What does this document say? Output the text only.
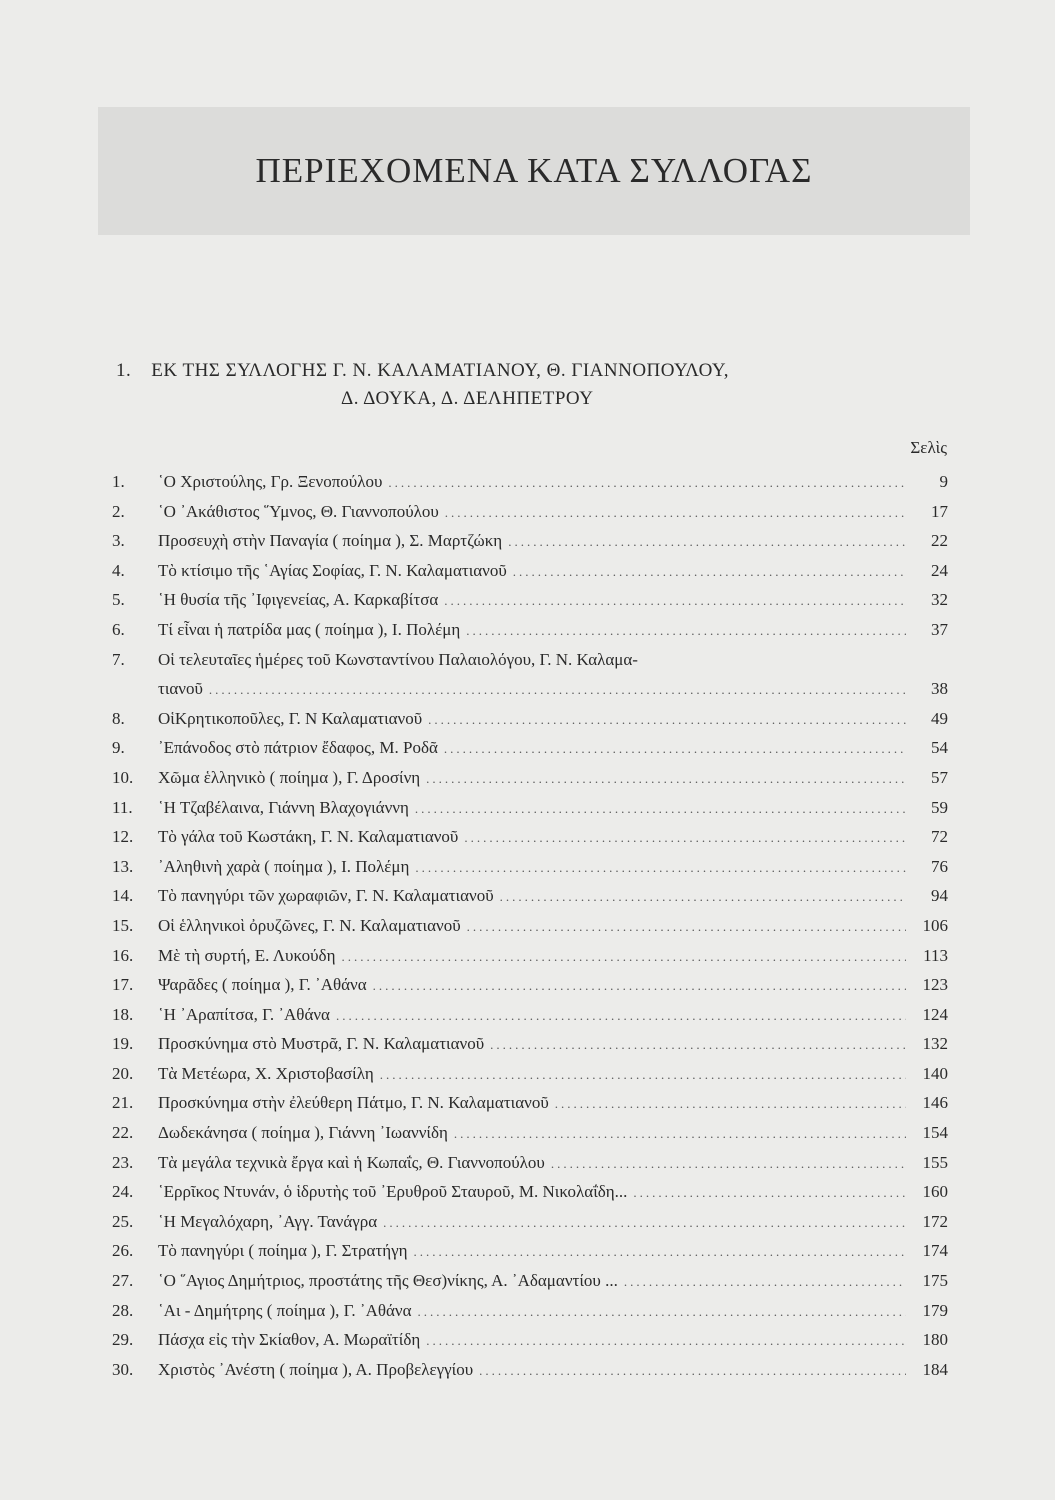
ΠΕΡΙΕΧΟΜΕΝΑ ΚΑΤΑ ΣΥΛΛΟΓΑΣ
1. ΕΚ ΤΗΣ ΣΥΛΛΟΓΗΣ Γ. Ν. ΚΑΛΑΜΑΤΙΑΝΟΥ, Θ. ΓΙΑΝΝΟΠΟΥΛΟΥ,
Δ. ΔΟΥΚΑ, Δ. ΔΕΛΗΠΕΤΡΟΥ
Σελὶς
1.	῾Ο Χριστούλης, Γρ. Ξενοπούλου .....	9
2.	῾Ο ᾿Ακάθιστος ῞Υμνος, Θ. Γιαννοπούλου .....	17
3.	Προσευχὴ στὴν Παναγία ( ποίημα ), Σ. Μαρτζώκη .....	22
4.	Τὸ κτίσιμο τῆς ῾Αγίας Σοφίας, Γ. Ν. Καλαματιανοῦ .....	24
5.	῾Η θυσία τῆς ᾿Ιφιγενείας, Α. Καρκαβίτσα .....	32
6.	Τί εἶναι ἡ πατρίδα μας ( ποίημα ), Ι. Πολέμη .....	37
7.	Οἱ τελευταῖες ἡμέρες τοῦ Κωνσταντίνου Παλαιολόγου, Γ. Ν. Καλαμα-
τιανοῦ .....	38
8.	ΟἱΚρητικοποῦλες, Γ. Ν Καλαματιανοῦ .....	49
9.	᾿Επάνοδος στὸ πάτριον ἔδαφος, Μ. Ροδᾶ .....	54
10.	Χῶμα ἑλληνικὸ ( ποίημα ), Γ. Δροσίνη .....	57
11.	῾Η Τζαβέλαινα, Γιάννη Βλαχογιάννη .....	59
12.	Τὸ γάλα τοῦ Κωστάκη, Γ. Ν. Καλαματιανοῦ .....	72
13.	᾿Αληθινὴ χαρὰ ( ποίημα ), Ι. Πολέμη .....	76
14.	Τὸ πανηγύρι τῶν χωραφιῶν, Γ. Ν. Καλαματιανοῦ .....	94
15.	Οἱ ἑλληνικοὶ ὀρυζῶνες, Γ. Ν. Καλαματιανοῦ .....	106
16.	Μὲ τὴ συρτή, Ε. Λυκούδη .....	113
17.	Ψαρᾶδες ( ποίημα ), Γ. ᾿Αθάνα .....	123
18.	῾Η ᾿Αραπίτσα, Γ. ᾿Αθάνα .....	124
19.	Προσκύνημα στὸ Μυστρᾶ, Γ. Ν. Καλαματιανοῦ .....	132
20.	Τὰ Μετέωρα, Χ. Χριστοβασίλη .....	140
21.	Προσκύνημα στὴν ἐλεύθερη Πάτμο, Γ. Ν. Καλαματιανοῦ .....	146
22.	Δωδεκάνησα ( ποίημα ), Γιάννη ᾿Ιωαννίδη .....	154
23.	Τὰ μεγάλα τεχνικὰ ἔργα καὶ ἡ Κωπαΐς, Θ. Γιαννοπούλου .....	155
24.	῾Ερρῖκος Ντυνάν, ὁ ἱδρυτὴς τοῦ ᾿Ερυθροῦ Σταυροῦ, Μ. Νικολαΐδη... .....	160
25.	῾Η Μεγαλόχαρη, ᾿Αγγ. Τανάγρα .....	172
26.	Τὸ πανηγύρι ( ποίημα ), Γ. Στρατήγη .....	174
27.	῾Ο ῞Αγιος Δημήτριος, προστάτης τῆς Θεσ)νίκης, Α. ᾿Αδαμαντίου ... .....	175
28.	῾Αι - Δημήτρης ( ποίημα ), Γ. ᾿Αθάνα .....	179
29.	Πάσχα εἰς τὴν Σκίαθον, Α. Μωραϊτίδη .....	180
30.	Χριστὸς ᾿Ανέστη ( ποίημα ), Α. Προβελεγγίου .....	184
